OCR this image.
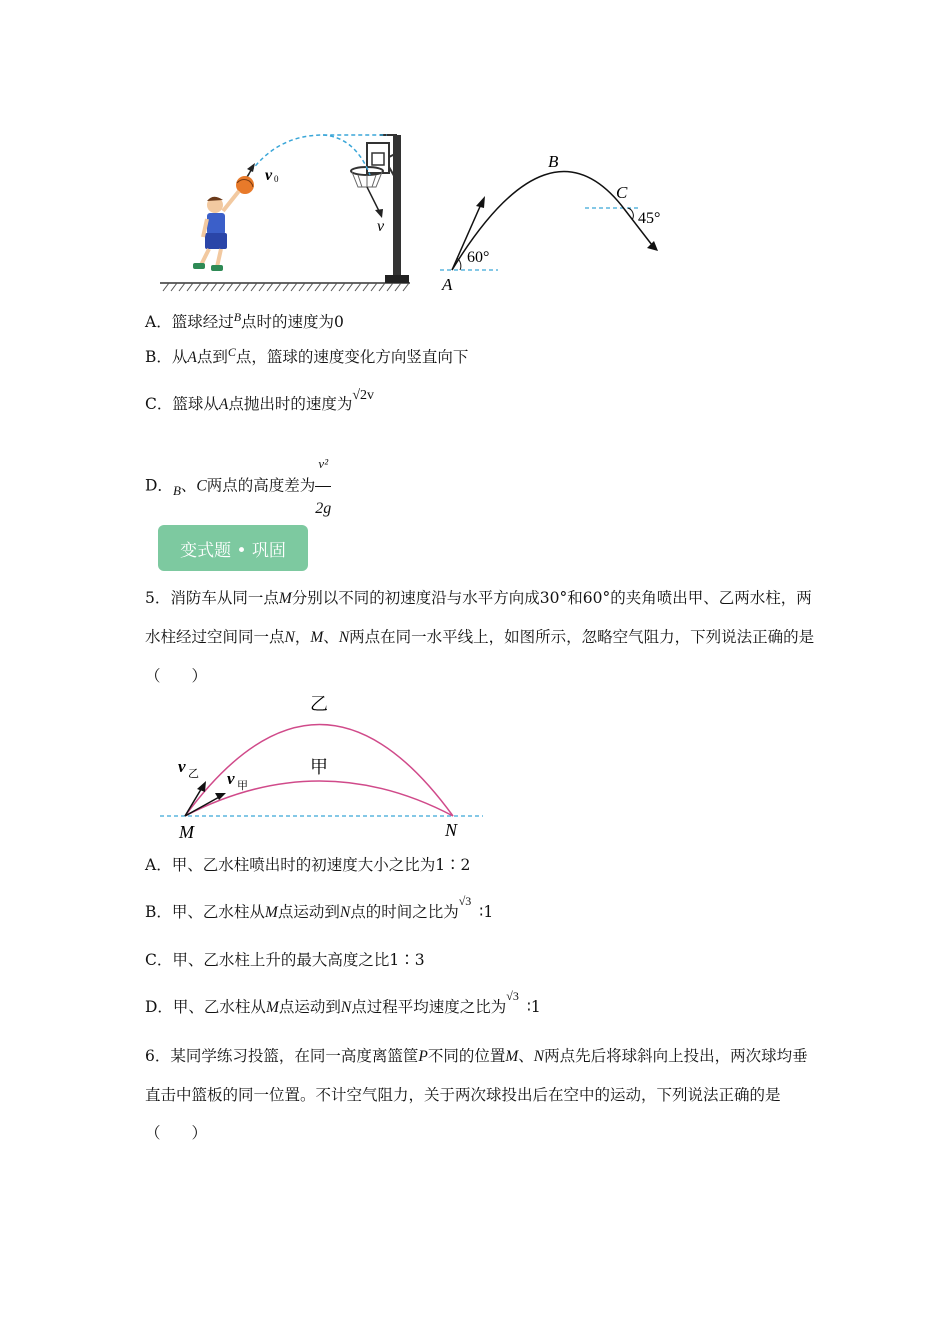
v 0
v
A
B
C
60°
45°
A．篮球经过$^B$点时的速度为0
B．从A点到$^C$点，篮球的速度变化方向竖直向下
C．篮球从A点抛出时的速度为√2v
D．$_B$、C两点的高度差为 $\frac{\text{v²}}{2g}$
变式题 • 巩固
5．消防车从同一点M分别以不同的初速度沿与水平方向成30°和60°的夹角喷出甲、乙两水柱，两水柱经过空间同一点N，M、N两点在同一水平线上，如图所示，忽略空气阻力，下列说法正确的是（　　）
乙
甲
v 乙 v 甲
M	N
A．甲、乙水柱喷出时的初速度大小之比为1∶2
B．甲、乙水柱从M点运动到N点的时间之比为$^{√3}$∶1
C．甲、乙水柱上升的最大高度之比1∶3
D．甲、乙水柱从M点运动到N点过程平均速度之比为$^{√3}$∶1
6．某同学练习投篮，在同一高度离篮筐P不同的位置M、N两点先后将球斜向上投出，两次球均垂直击中篮板的同一位置。不计空气阻力，关于两次球投出后在空中的运动，下列说法正确的是（　　）
